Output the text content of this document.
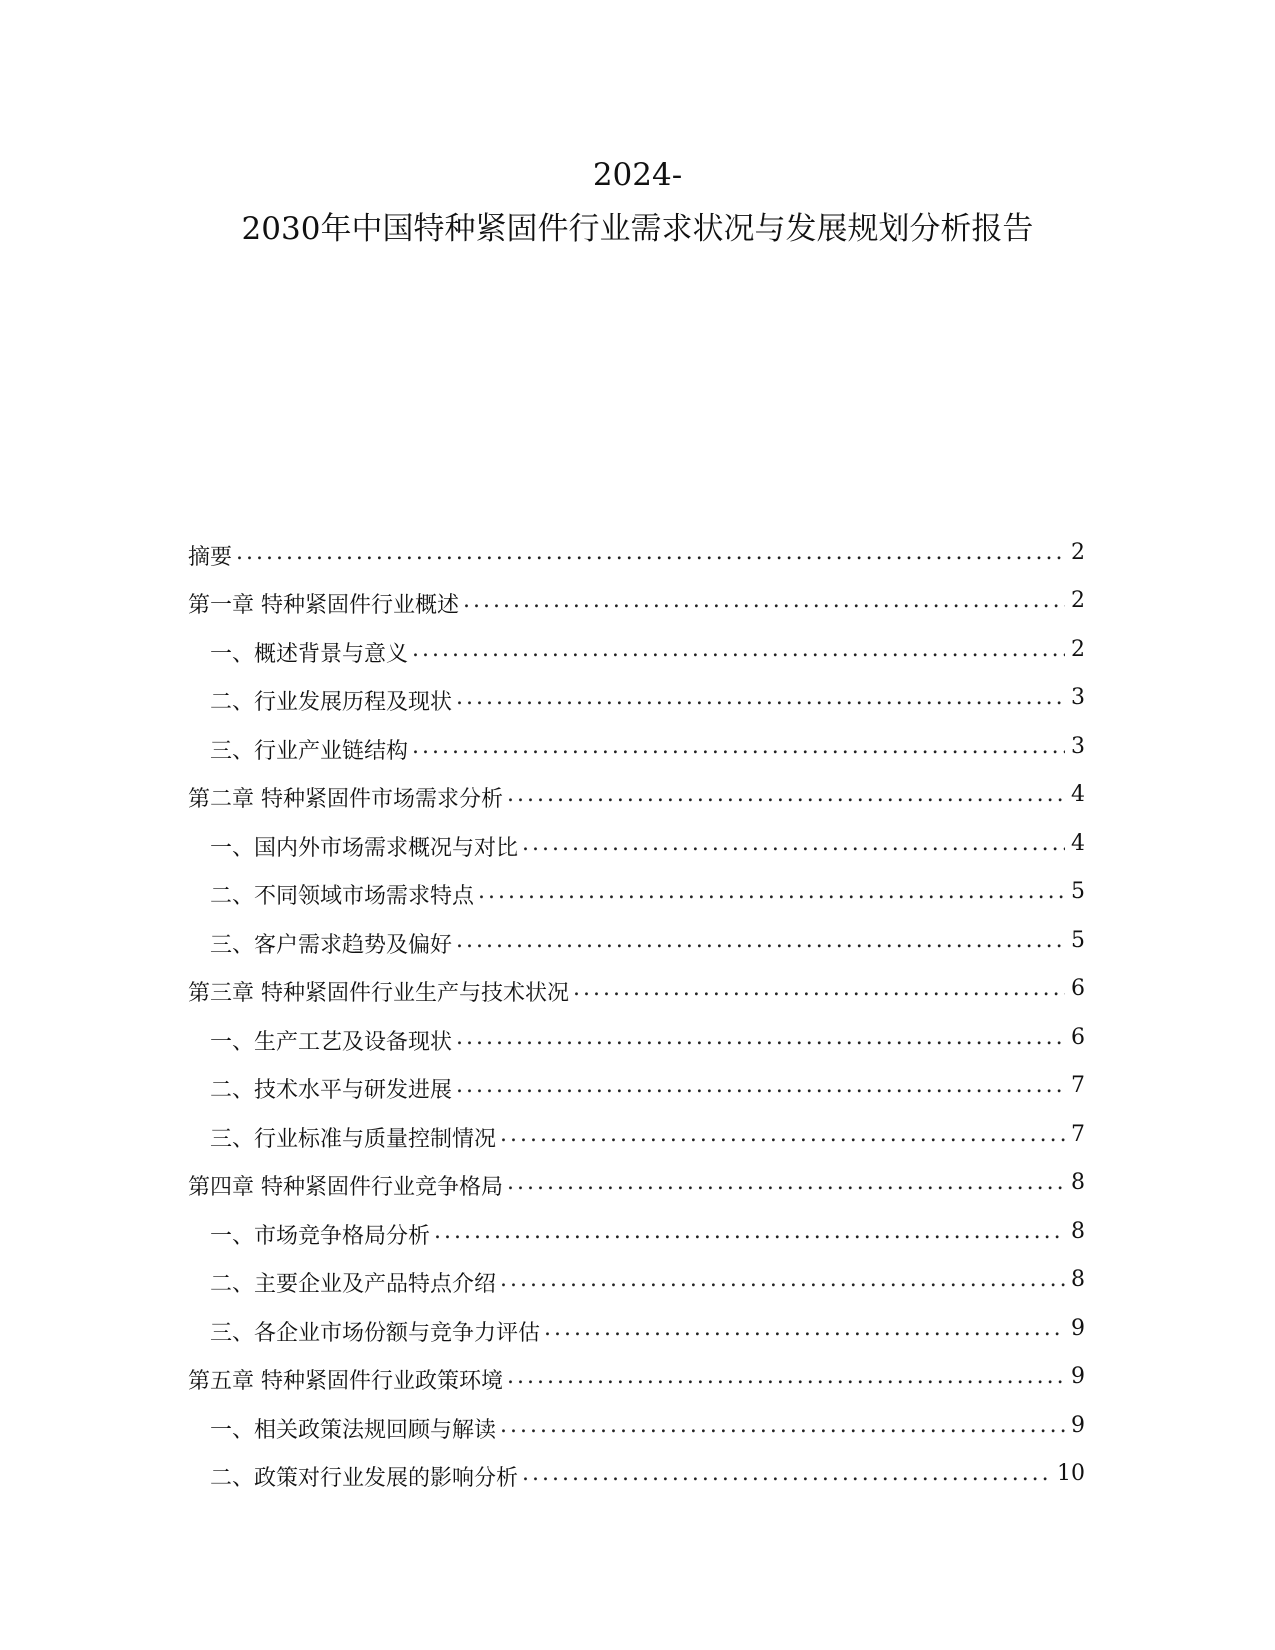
2024-
2030年中国特种紧固件行业需求状况与发展规划分析报告
摘要 .....	2
第一章 特种紧固件行业概述 .....	2
一、 概述背景与意义 .....	2
二、 行业发展历程及现状 .....	3
三、 行业产业链结构 .....	3
第二章 特种紧固件市场需求分析 .....	4
一、 国内外市场需求概况与对比 .....	4
二、 不同领域市场需求特点 .....	5
三、 客户需求趋势及偏好 .....	5
第三章 特种紧固件行业生产与技术状况 .....	6
一、 生产工艺及设备现状 .....	6
二、 技术水平与研发进展 .....	7
三、 行业标准与质量控制情况 .....	7
第四章 特种紧固件行业竞争格局 .....	8
一、 市场竞争格局分析 .....	8
二、 主要企业及产品特点介绍 .....	8
三、 各企业市场份额与竞争力评估 .....	9
第五章 特种紧固件行业政策环境 .....	9
一、 相关政策法规回顾与解读 .....	9
二、 政策对行业发展的影响分析 .....	10
